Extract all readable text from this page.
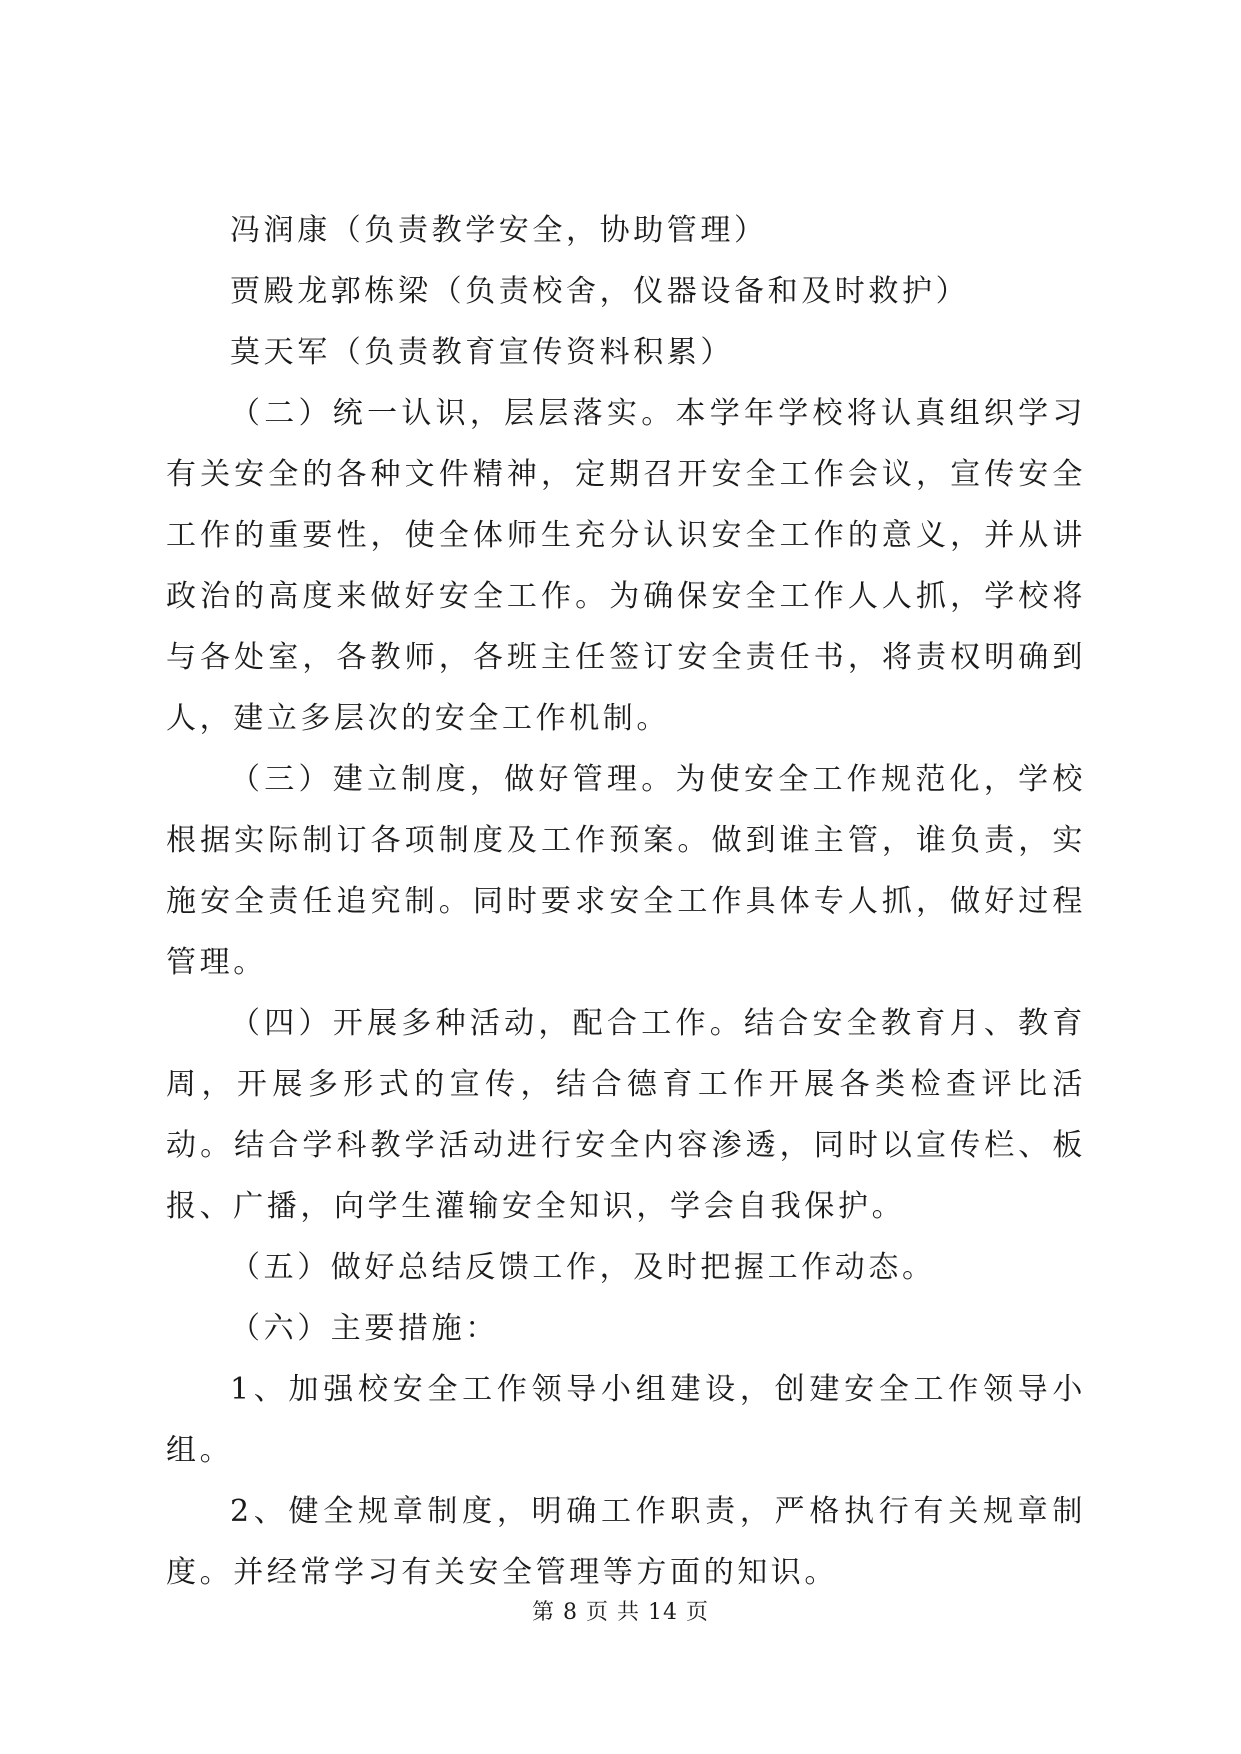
冯润康（负责教学安全，协助管理）

贾殿龙郭栋梁（负责校舍，仪器设备和及时救护）

莫天军（负责教育宣传资料积累）

（二）统一认识，层层落实。本学年学校将认真组织学习有关安全的各种文件精神，定期召开安全工作会议，宣传安全工作的重要性，使全体师生充分认识安全工作的意义，并从讲政治的高度来做好安全工作。为确保安全工作人人抓，学校将与各处室，各教师，各班主任签订安全责任书，将责权明确到人，建立多层次的安全工作机制。

（三）建立制度，做好管理。为使安全工作规范化，学校根据实际制订各项制度及工作预案。做到谁主管，谁负责，实施安全责任追究制。同时要求安全工作具体专人抓，做好过程管理。

（四）开展多种活动，配合工作。结合安全教育月、教育周，开展多形式的宣传，结合德育工作开展各类检查评比活动。结合学科教学活动进行安全内容渗透，同时以宣传栏、板报、广播，向学生灌输安全知识，学会自我保护。

（五）做好总结反馈工作，及时把握工作动态。

（六）主要措施：

1、加强校安全工作领导小组建设，创建安全工作领导小组。

2、健全规章制度，明确工作职责，严格执行有关规章制度。并经常学习有关安全管理等方面的知识。

第 8 页 共 14 页
